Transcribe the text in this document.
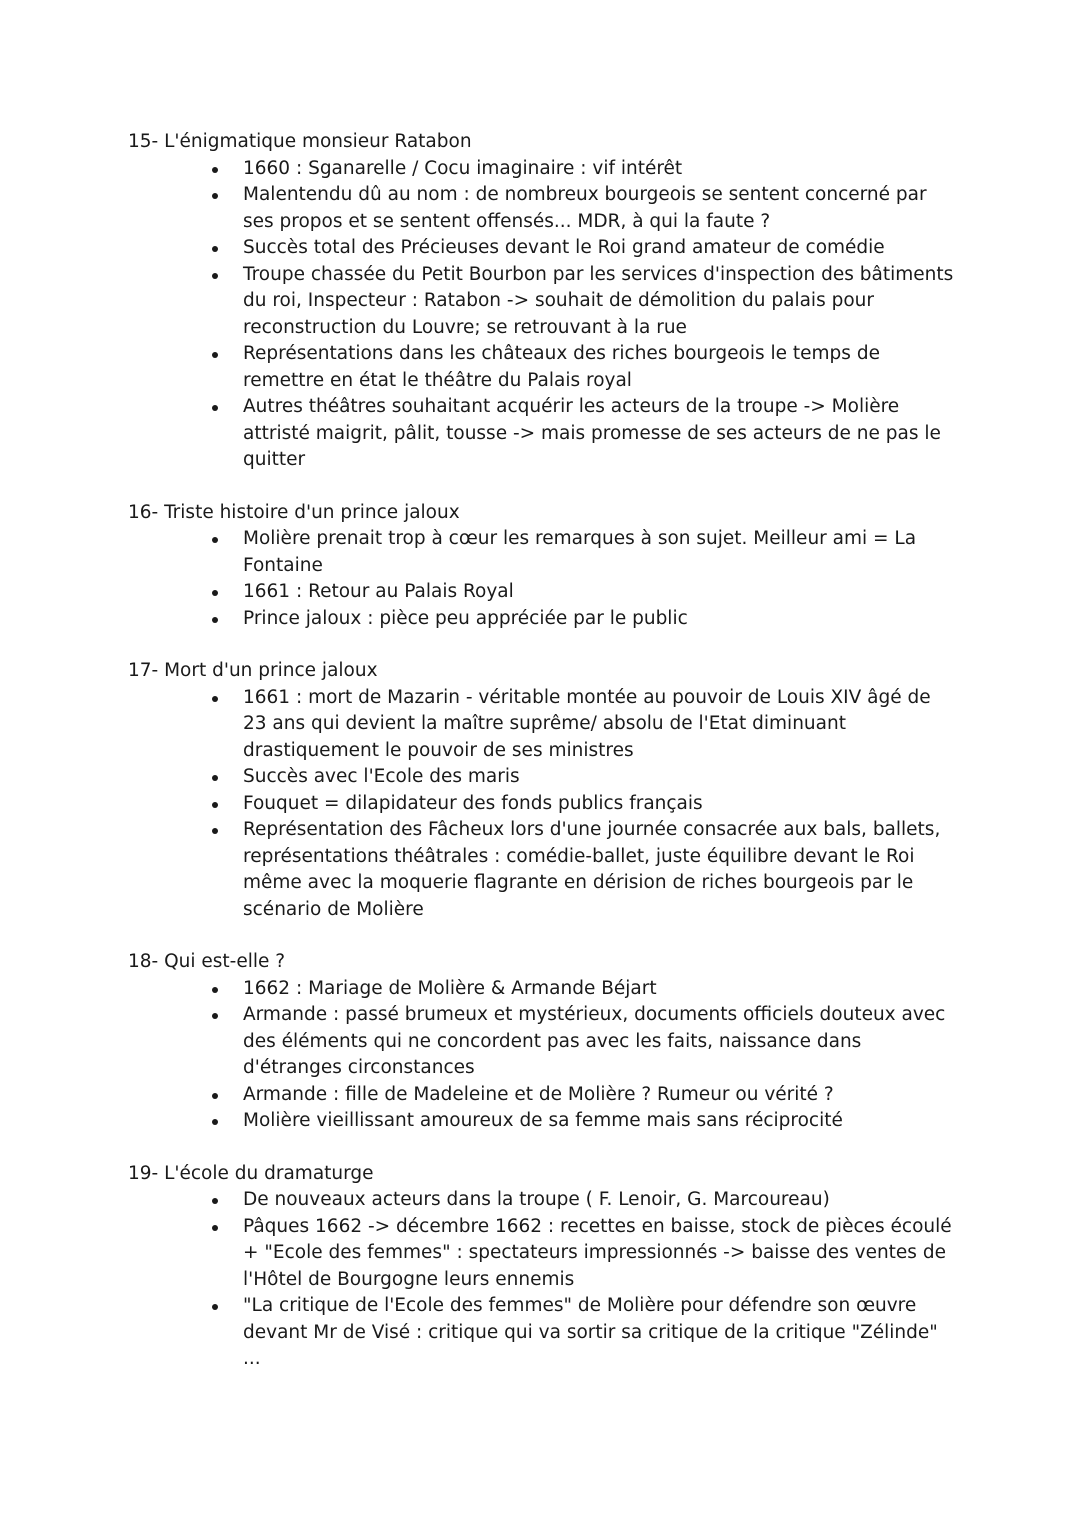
15- L'énigmatique monsieur Ratabon

1660 : Sganarelle / Cocu imaginaire : vif intérêt
Malentendu dû au nom : de nombreux bourgeois se sentent concerné par ses propos et se sentent offensés... MDR, à qui la faute ?
Succès total des Précieuses devant le Roi grand amateur de comédie
Troupe chassée du Petit Bourbon par les services d'inspection des bâtiments du roi, Inspecteur : Ratabon -> souhait de démolition du palais pour reconstruction du Louvre; se retrouvant à la rue
Représentations dans les châteaux des riches bourgeois le temps de remettre en état le théâtre du Palais royal
Autres théâtres souhaitant acquérir les acteurs de la troupe -> Molière attristé maigrit, pâlit, tousse -> mais promesse de ses acteurs de ne pas le quitter

16- Triste histoire d'un prince jaloux

Molière prenait trop à cœur les remarques à son sujet. Meilleur ami = La Fontaine
1661 : Retour au Palais Royal
Prince jaloux : pièce peu appréciée par le public

17- Mort d'un prince jaloux

1661 : mort de Mazarin - véritable montée au pouvoir de Louis XIV âgé de 23 ans qui devient la maître suprême/ absolu de l'Etat diminuant drastiquement le pouvoir de ses ministres
Succès avec l'Ecole des maris
Fouquet = dilapidateur des fonds publics français
Représentation des Fâcheux lors d'une journée consacrée aux bals, ballets, représentations théâtrales : comédie-ballet, juste équilibre devant le Roi même avec la moquerie flagrante en dérision de riches bourgeois par le scénario de Molière

18- Qui est-elle ?

1662 : Mariage de Molière & Armande Béjart
Armande : passé brumeux et mystérieux, documents officiels douteux avec des éléments qui ne concordent pas avec les faits, naissance dans d'étranges circonstances
Armande : fille de Madeleine et de Molière ? Rumeur ou vérité ?
Molière vieillissant amoureux de sa femme mais sans réciprocité

19- L'école du dramaturge

De nouveaux acteurs dans la troupe ( F. Lenoir, G. Marcoureau)
Pâques 1662 -> décembre 1662 : recettes en baisse, stock de pièces écoulé + "Ecole des femmes" : spectateurs impressionnés -> baisse des ventes de l'Hôtel de Bourgogne leurs ennemis
"La critique de l'Ecole des femmes" de Molière pour défendre son œuvre devant Mr de Visé : critique qui va sortir sa critique de la critique "Zélinde" ...
